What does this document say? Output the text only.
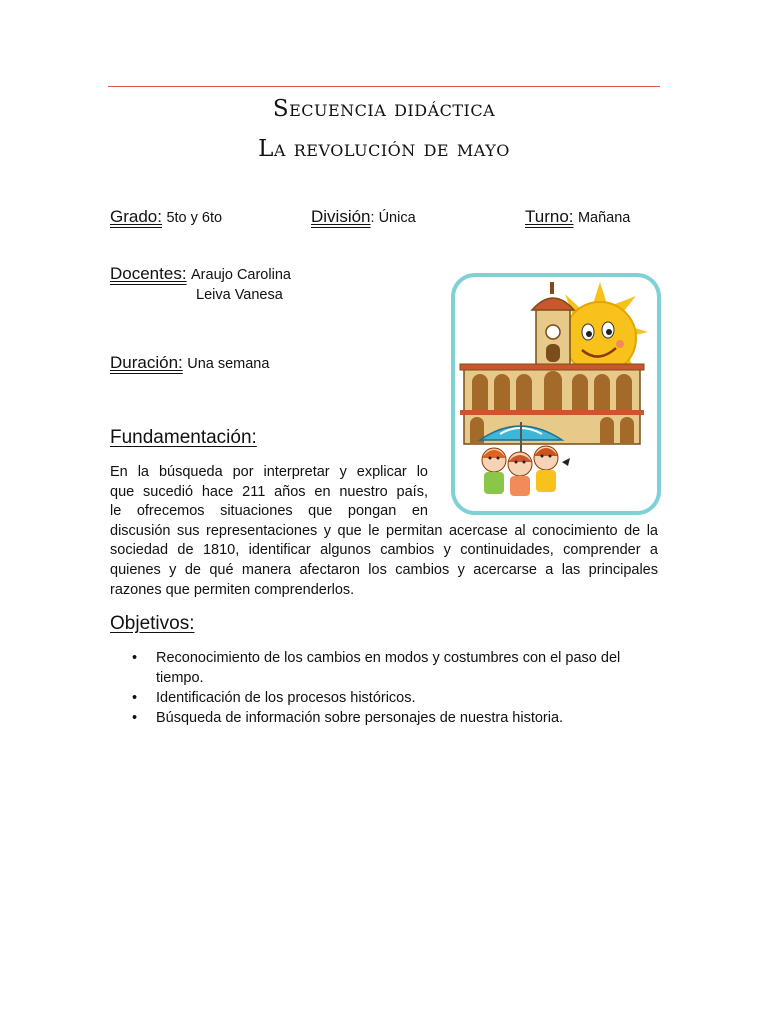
Secuencia didáctica
La revolución de mayo
Grado: 5to y 6to	División: Única	Turno: Mañana
Docentes: Araujo Carolina
Leiva Vanesa
Duración: Una semana
Fundamentación:
En la búsqueda por interpretar y explicar lo
que sucedió hace 211 años en nuestro país,
le ofrecemos situaciones que pongan en
discusión sus representaciones y que le permitan acercase al conocimiento de la sociedad de 1810, identificar algunos cambios y continuidades, comprender a quienes y de qué manera afectaron los cambios y acercarse a las principales razones que permiten comprenderlos.
Objetivos:
• Reconocimiento de los cambios en modos y costumbres con el paso del tiempo.
• Identificación de los procesos históricos.
• Búsqueda de información sobre personajes de nuestra historia.
